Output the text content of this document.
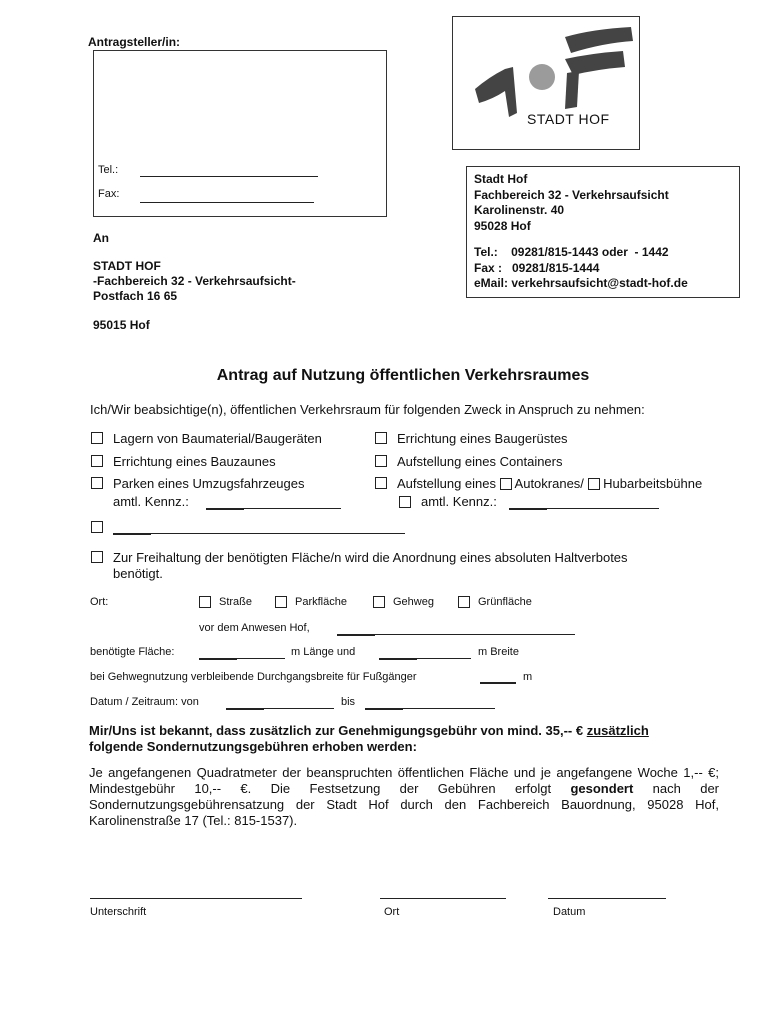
Antragsteller/in:
Tel.:
Fax:
STADT HOF
Stadt Hof
Fachbereich 32 - Verkehrsaufsicht
Karolinenstr. 40
95028 Hof
Tel.:    09281/815-1443 oder  - 1442
Fax :   09281/815-1444
eMail: verkehrsaufsicht@stadt-hof.de
An
STADT HOF
-Fachbereich 32 - Verkehrsaufsicht-
Postfach 16 65
95015 Hof
Antrag auf Nutzung öffentlichen Verkehrsraumes
Ich/Wir beabsichtige(n), öffentlichen Verkehrsraum für folgenden Zweck in Anspruch zu nehmen:
Lagern von Baumaterial/Baugeräten	Errichtung eines Baugerüstes
Errichtung eines Bauzaunes	Aufstellung eines Containers
Parken eines Umzugsfahrzeuges
amtl. Kennz.:
Aufstellung eines Autokranes/ Hubarbeitsbühne
amtl. Kennz.:
Zur Freihaltung der benötigten Fläche/n wird die Anordnung eines absoluten Haltverbotes
benötigt.
Ort:	Straße	Parkfläche	Gehweg	Grünfläche
vor dem Anwesen Hof,
benötigte Fläche:	m Länge und	m Breite
bei Gehwegnutzung verbleibende Durchgangsbreite für Fußgänger	m
Datum / Zeitraum: von	bis
Mir/Uns ist bekannt, dass zusätzlich zur Genehmigungsgebühr von mind. 35,-- € zusätzlich
folgende Sondernutzungsgebühren erhoben werden:
Je angefangenen Quadratmeter der beanspruchten öffentlichen Fläche und je angefangene Woche 1,-- €; Mindestgebühr 10,-- €. Die Festsetzung der Gebühren erfolgt gesondert nach der Sondernutzungsgebührensatzung der Stadt Hof durch den Fachbereich Bauordnung, 95028 Hof, Karolinenstraße 17 (Tel.: 815-1537).
Unterschrift	Ort	Datum
